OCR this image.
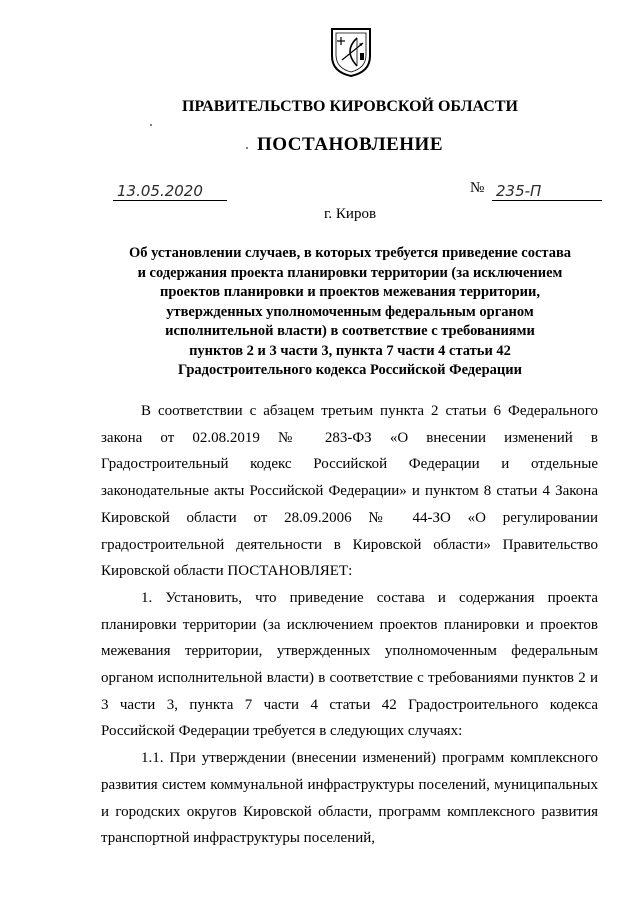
ПРАВИТЕЛЬСТВО КИРОВСКОЙ ОБЛАСТИ
ПОСТАНОВЛЕНИЕ
13.05.2020	№ 235-П
г. Киров
Об установлении случаев, в которых требуется приведение состава
и содержания проекта планировки территории (за исключением
проектов планировки и проектов межевания территории,
утвержденных уполномоченным федеральным органом
исполнительной власти) в соответствие с требованиями
пунктов 2 и 3 части 3, пункта 7 части 4 статьи 42
Градостроительного кодекса Российской Федерации

В соответствии с абзацем третьим пункта 2 статьи 6 Федерального закона от 02.08.2019 № 283-ФЗ «О внесении изменений в Градостроительный кодекс Российской Федерации и отдельные законодательные акты Российской Федерации» и пунктом 8 статьи 4 Закона Кировской области от 28.09.2006 № 44-ЗО «О регулировании градостроительной деятельности в Кировской области» Правительство Кировской области ПОСТАНОВЛЯЕТ:

1. Установить, что приведение состава и содержания проекта планировки территории (за исключением проектов планировки и проектов межевания территории, утвержденных уполномоченным федеральным органом исполнительной власти) в соответствие с требованиями пунктов 2 и 3 части 3, пункта 7 части 4 статьи 42 Градостроительного кодекса Российской Федерации требуется в следующих случаях:

1.1. При утверждении (внесении изменений) программ комплексного развития систем коммунальной инфраструктуры поселений, муниципальных и городских округов Кировской области, программ комплексного развития транспортной инфраструктуры поселений,
